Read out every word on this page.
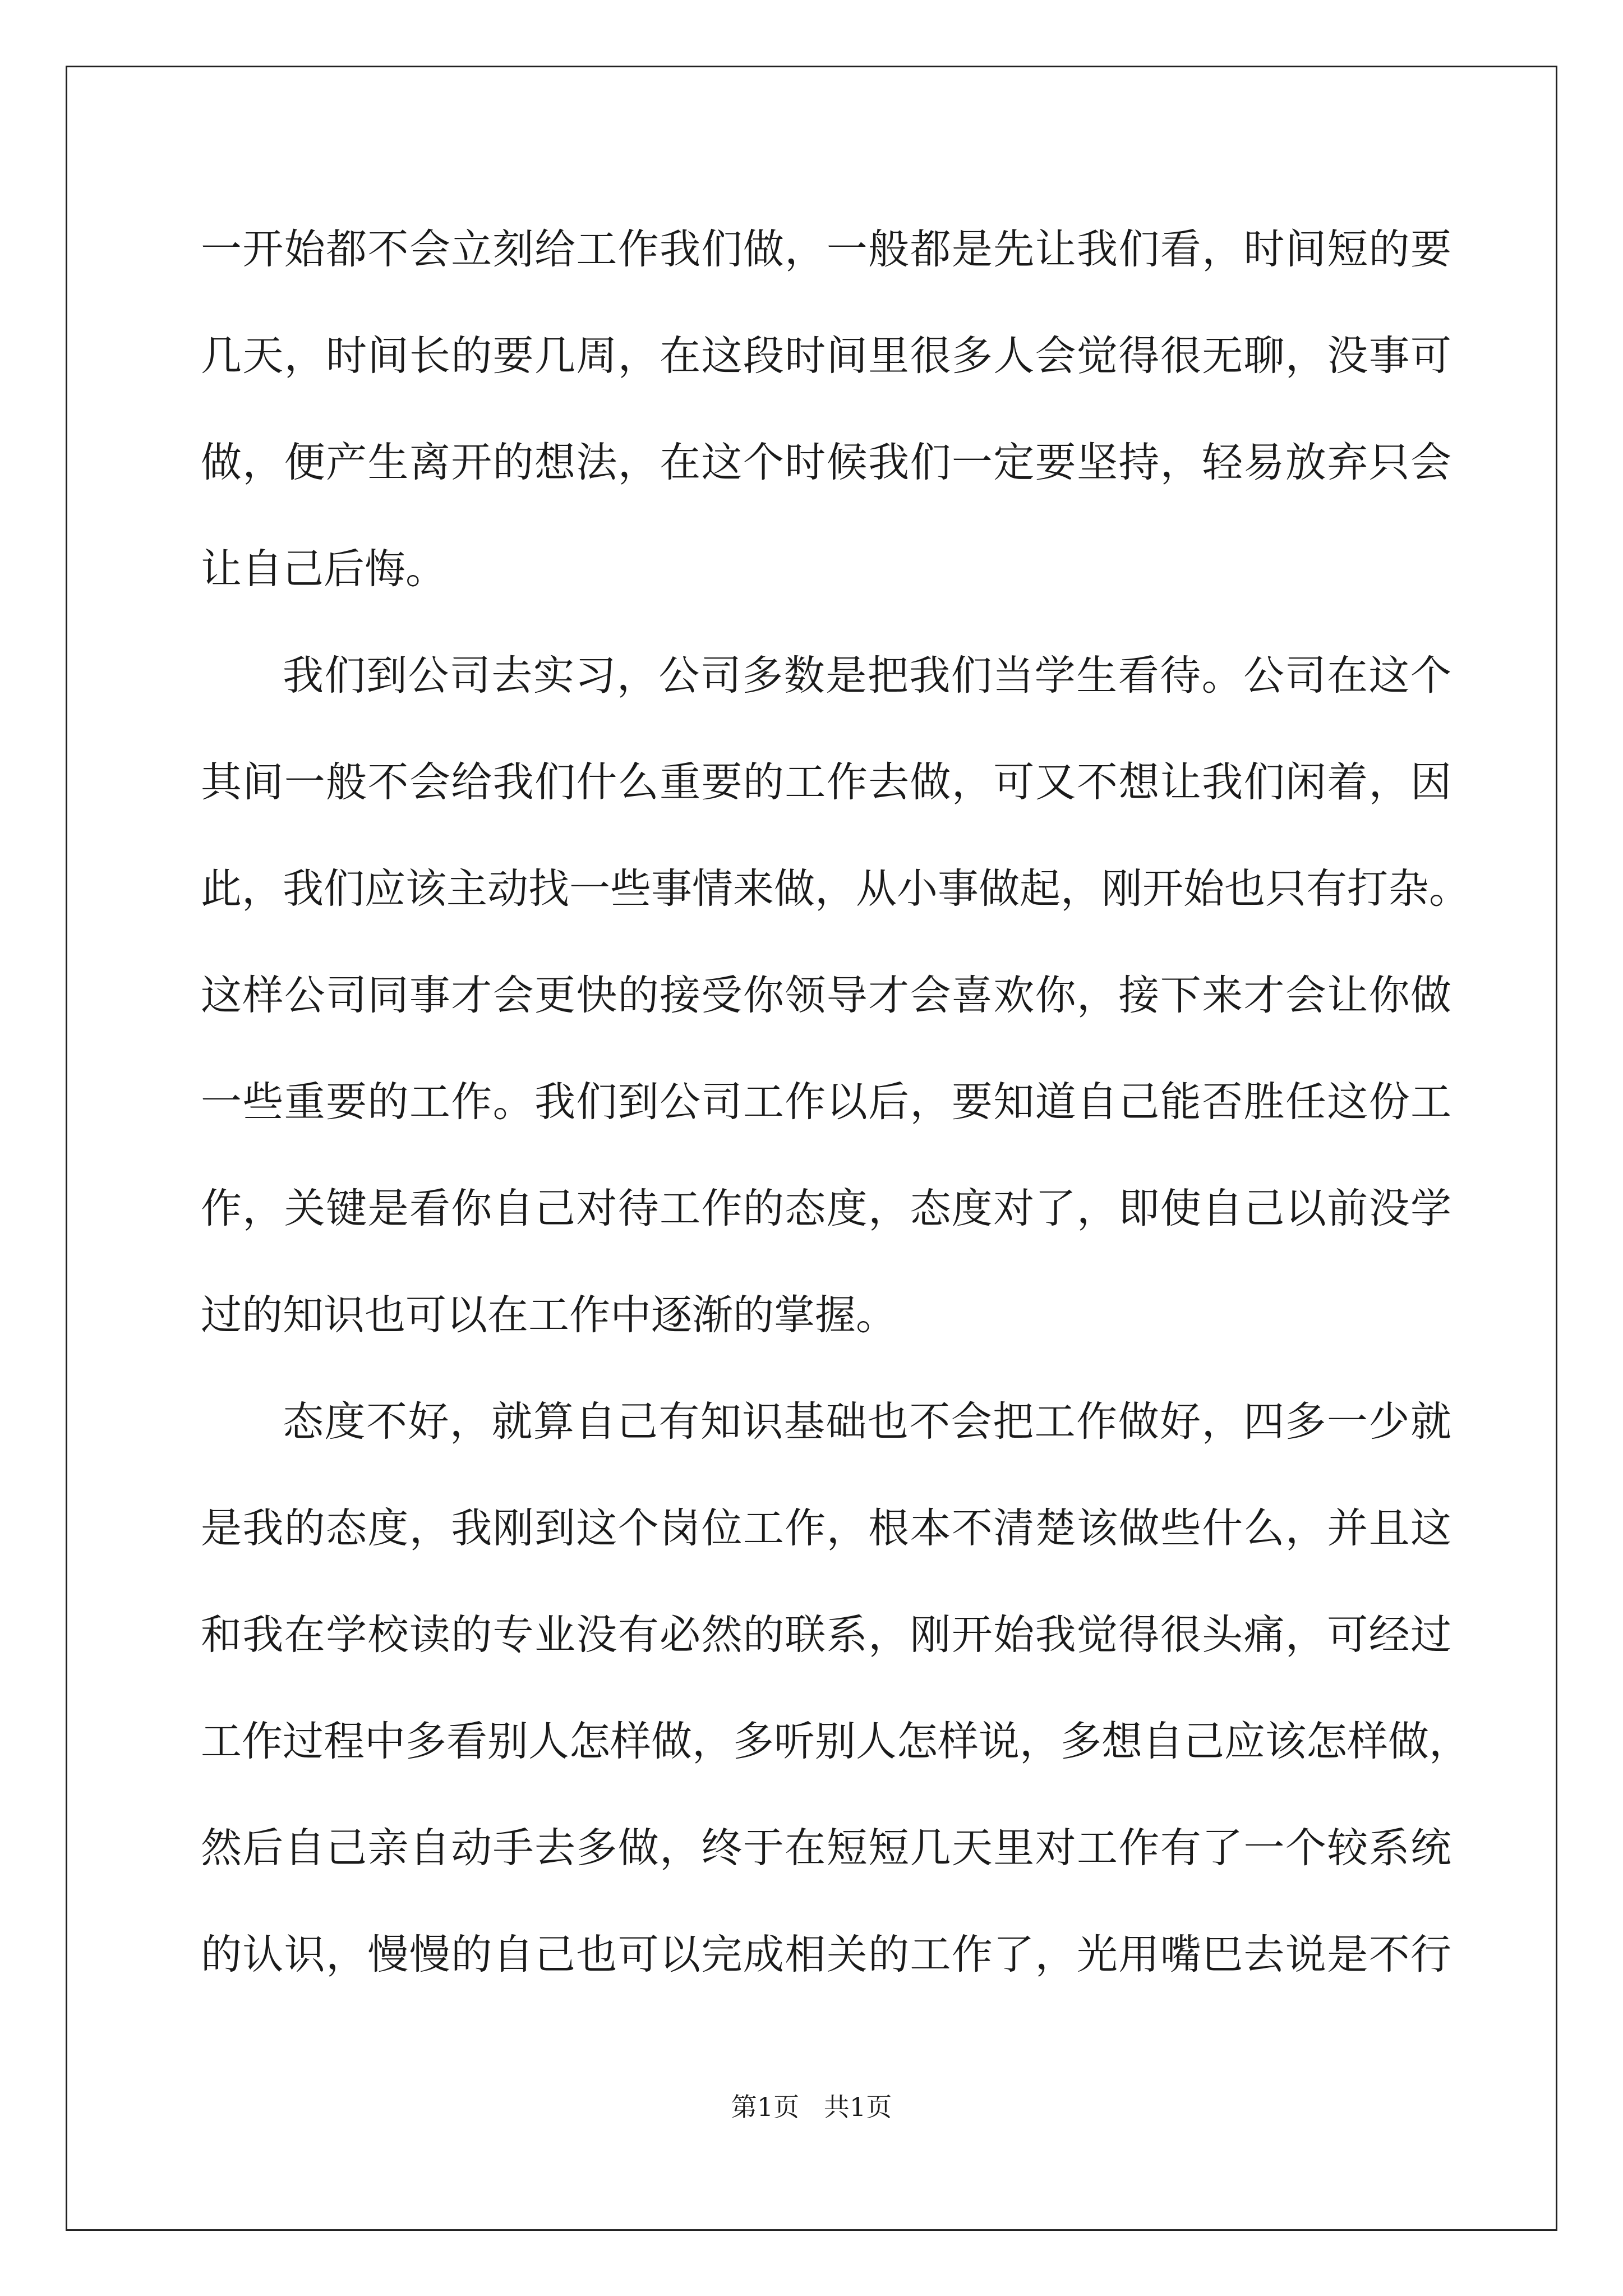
一开始都不会立刻给工作我们做，一般都是先让我们看，时间短的要
几天，时间长的要几周，在这段时间里很多人会觉得很无聊，没事可
做，便产生离开的想法，在这个时候我们一定要坚持，轻易放弃只会
让自己后悔。

我们到公司去实习，公司多数是把我们当学生看待。公司在这个
其间一般不会给我们什么重要的工作去做，可又不想让我们闲着，因
此，我们应该主动找一些事情来做，从小事做起，刚开始也只有打杂。
这样公司同事才会更快的接受你领导才会喜欢你，接下来才会让你做
一些重要的工作。我们到公司工作以后，要知道自己能否胜任这份工
作，关键是看你自己对待工作的态度，态度对了，即使自己以前没学
过的知识也可以在工作中逐渐的掌握。

态度不好，就算自己有知识基础也不会把工作做好，四多一少就
是我的态度，我刚到这个岗位工作，根本不清楚该做些什么，并且这
和我在学校读的专业没有必然的联系，刚开始我觉得很头痛，可经过
工作过程中多看别人怎样做，多听别人怎样说，多想自己应该怎样做，
然后自己亲自动手去多做，终于在短短几天里对工作有了一个较系统
的认识，慢慢的自己也可以完成相关的工作了，光用嘴巴去说是不行

第1页   共1页
